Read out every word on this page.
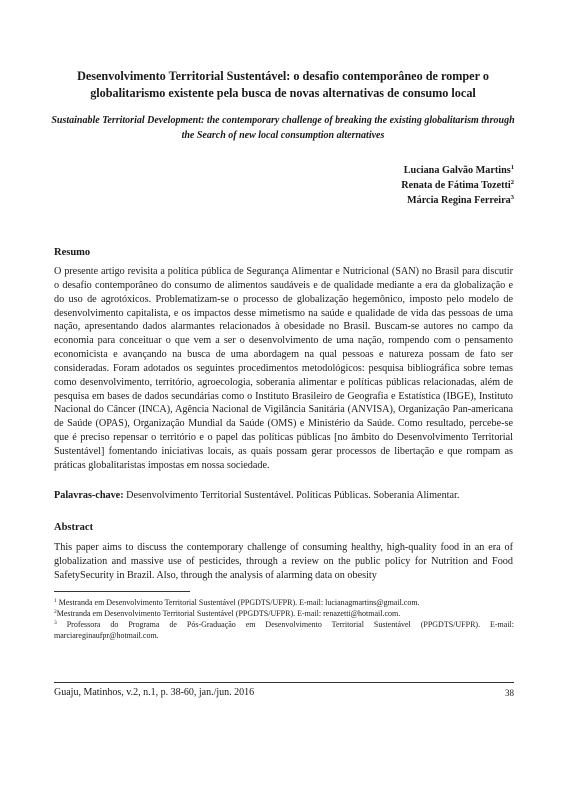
Desenvolvimento Territorial Sustentável: o desafio contemporâneo de romper o globalitarismo existente pela busca de novas alternativas de consumo local

Sustainable Territorial Development: the contemporary challenge of breaking the existing globalitarism through the Search of new local consumption alternatives

Luciana Galvão Martins$^1$
Renata de Fátima Tozetti$^2$
Márcia Regina Ferreira$^3$
Resumo

O presente artigo revisita a política pública de Segurança Alimentar e Nutricional (SAN) no Brasil para discutir o desafio contemporâneo do consumo de alimentos saudáveis e de qualidade mediante a era da globalização e do uso de agrotóxicos. Problematizam-se o processo de globalização hegemônico, imposto pelo modelo de desenvolvimento capitalista, e os impactos desse mimetismo na saúde e qualidade de vida das pessoas de uma nação, apresentando dados alarmantes relacionados à obesidade no Brasil. Buscam-se autores no campo da economia para conceituar o que vem a ser o desenvolvimento de uma nação, rompendo com o pensamento economicista e avançando na busca de uma abordagem na qual pessoas e natureza possam de fato ser consideradas. Foram adotados os seguintes procedimentos metodológicos: pesquisa bibliográfica sobre temas como desenvolvimento, território, agroecologia, soberania alimentar e políticas públicas relacionadas, além de pesquisa em bases de dados secundárias como o Instituto Brasileiro de Geografia e Estatística (IBGE), Instituto Nacional do Câncer (INCA), Agência Nacional de Vigilância Sanitária (ANVISA), Organização Pan-americana de Saúde (OPAS), Organização Mundial da Saúde (OMS) e Ministério da Saúde. Como resultado, percebe-se que é preciso repensar o território e o papel das políticas públicas [no âmbito do Desenvolvimento Territorial Sustentável] fomentando iniciativas locais, as quais possam gerar processos de libertação e que rompam as práticas globalitaristas impostas em nossa sociedade.

Palavras-chave: Desenvolvimento Territorial Sustentável. Políticas Públicas. Soberania Alimentar.
Abstract

This paper aims to discuss the contemporary challenge of consuming healthy, high-quality food in an era of globalization and massive use of pesticides, through a review on the public policy for Nutrition and Food SafetySecurity in Brazil. Also, through the analysis of alarming data on obesity

$^1$ Mestranda em Desenvolvimento Territorial Sustentável (PPGDTS/UFPR). E-mail: lucianagmartins@gmail.com.
$^2$Mestranda em Desenvolvimento Territorial Sustentável (PPGDTS/UFPR). E-mail: renazetti@hotmail.com.
$^3$ Professora do Programa de Pós-Graduação em Desenvolvimento Territorial Sustentável (PPGDTS/UFPR). E-mail: marciareginaufpr@hotmail.com.
Guaju, Matinhos, v.2, n.1, p. 38-60, jan./jun. 2016	38
